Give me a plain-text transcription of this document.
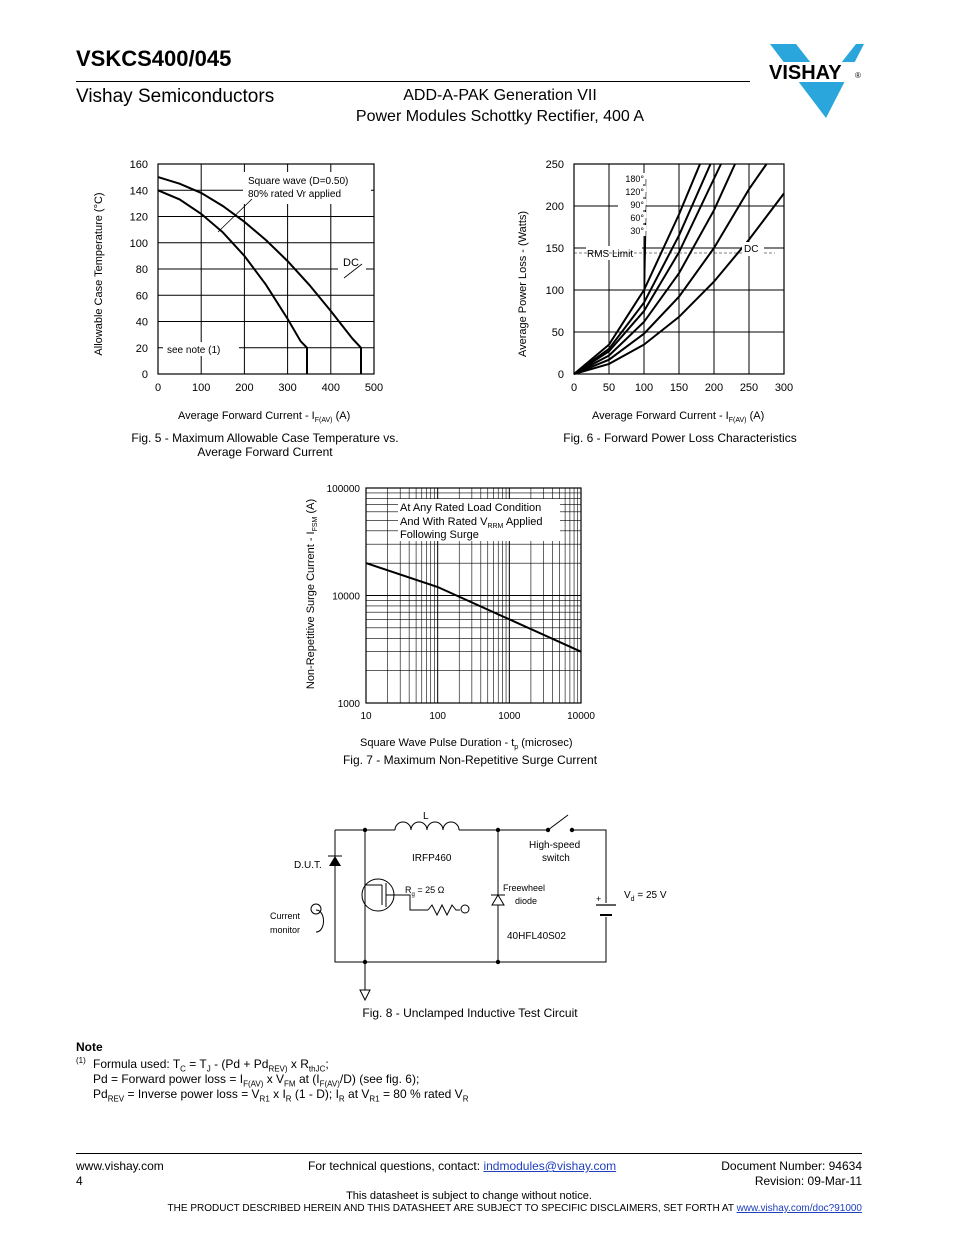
VSKCS400/045
Vishay Semiconductors	ADD-A-PAK Generation VII
Power Modules Schottky Rectifier, 400 A
VISHAY ®
0	100 200 300 400 500
0
20
40
60
80
100
120
140
160
Allowable Case Temperature (°C)
Average Forward Current - $I_{F(AV)}$ (A)
Square wave (D=0.50)
80% rated Vr applied
DC
see note (1)
Fig. 5 - Maximum Allowable Case Temperature vs.
Average Forward Current
0 50 100 150 200 250 300
0
50
100
150
200
250
Average Power Loss - (Watts)
Average Forward Current - $I_{F(AV)}$ (A)
RMS Limit	DC
180°
120°
90°
60°
30°
Fig. 6 - Forward Power Loss Characteristics
10	100	1000	10000
1000
10000
100000
Non-Repetitive Surge Current - $I_{FSM}$ (A)
Square Wave Pulse Duration - $t_p$ (microsec)
At Any Rated Load Condition
And With Rated $V_{RRM}$ Applied
Following Surge
Fig. 7 - Maximum Non-Repetitive Surge Current
L
D.U.T.
Current
monitor
IRFP460
$R_g = 25$ Ω	Freewheel
diode
40HFL40S02
High-speed
switch
+ $V_d = 25$ V
Fig. 8 - Unclamped Inductive Test Circuit
Note
(1) Formula used: $T_C = T_J - (Pd + Pd_{REV)}$ x $R_{thJC}$;
Pd = Forward power loss = $I_{F(AV)}$ x $V_{FM}$ at $(I_{F(AV)}/D)$ (see fig. 6);
$Pd_{REV}$ = Inverse power loss = $V_{R1}$ x $I_R$ (1 - D); $I_R$ at $V_{R1} = 80$ % rated $V_R$
www.vishay.com
4
For technical questions, contact: indmodules@vishay.com	Document Number: 94634
Revision: 09-Mar-11
This datasheet is subject to change without notice.
THE PRODUCT DESCRIBED HEREIN AND THIS DATASHEET ARE SUBJECT TO SPECIFIC DISCLAIMERS, SET FORTH AT www.vishay.com/doc?91000
